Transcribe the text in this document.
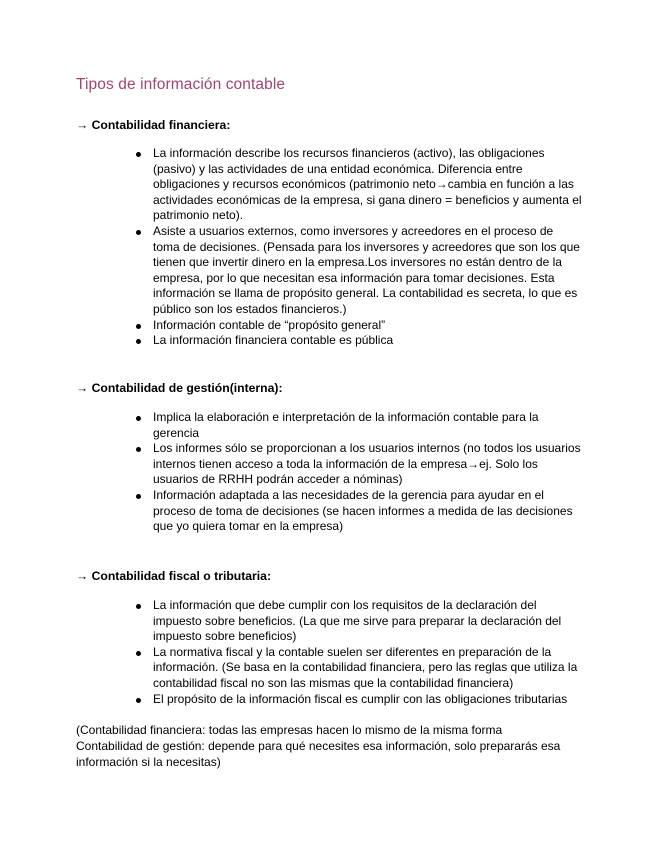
Tipos de información contable
→ Contabilidad financiera:
La información describe los recursos financieros (activo), las obligaciones (pasivo) y las actividades de una entidad económica. Diferencia entre obligaciones y recursos económicos (patrimonio neto→cambia en función a las actividades económicas de la empresa, si gana dinero = beneficios y aumenta el patrimonio neto).
Asiste a usuarios externos, como inversores y acreedores en el proceso de toma de decisiones. (Pensada para los inversores y acreedores que son los que tienen que invertir dinero en la empresa.Los inversores no están dentro de la empresa, por lo que necesitan esa información para tomar decisiones. Esta información se llama de propósito general. La contabilidad es secreta, lo que es público son los estados financieros.)
Información contable de “propósito general”
La información financiera contable es pública
→ Contabilidad de gestión(interna):
Implica la elaboración e interpretación de la información contable para la gerencia
Los informes sólo se proporcionan a los usuarios internos (no todos los usuarios internos tienen acceso a toda la información de la empresa→ej. Solo los usuarios de RRHH podrán acceder a nóminas)
Información adaptada a las necesidades de la gerencia para ayudar en el proceso de toma de decisiones (se hacen informes a medida de las decisiones que yo quiera tomar en la empresa)
→ Contabilidad fiscal o tributaria:
La información que debe cumplir con los requisitos de la declaración del impuesto sobre beneficios. (La que me sirve para preparar la declaración del impuesto sobre beneficios)
La normativa fiscal y la contable suelen ser diferentes en preparación de la información. (Se basa en la contabilidad financiera, pero las reglas que utiliza la contabilidad fiscal no son las mismas que la contabilidad financiera)
El propósito de la información fiscal es cumplir con las obligaciones tributarias
(Contabilidad financiera: todas las empresas hacen lo mismo de la misma forma
Contabilidad de gestión: depende para qué necesites esa información, solo prepararás esa información si la necesitas)
